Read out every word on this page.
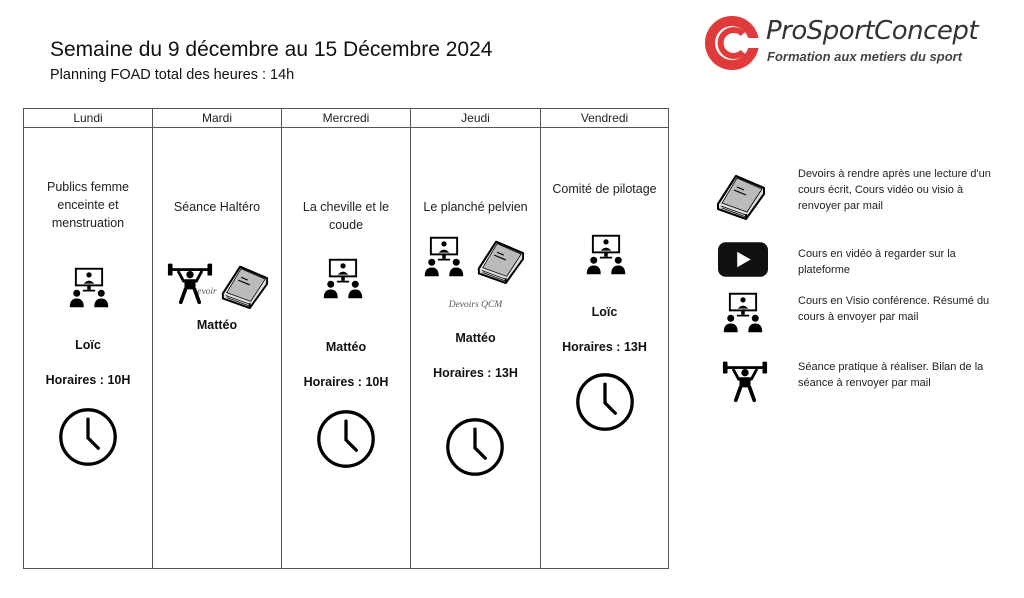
Semaine du 9 décembre au 15 Décembre 2024
Planning FOAD total des heures : 14h
ProSportConcept
Formation aux metiers du sport
Lundi
Publics femme enceinte et menstruation
Loïc
Horaires : 10H
Mardi
Séance Haltéro
evoir
Mattéo
Mercredi
La cheville et le coude
Mattéo
Horaires : 10H
Jeudi
Le planché pelvien
Devoirs QCM
Mattéo
Horaires : 13H
Vendredi
Comité de pilotage
Loïc
Horaires : 13H
Devoirs à rendre après une lecture d'un cours écrit, Cours vidéo ou visio à renvoyer par mail
Cours en vidéo à regarder sur la plateforme
Cours en Visio conférence. Résumé du cours à envoyer par mail
Séance pratique à réaliser. Bilan de la séance à renvoyer par mail
